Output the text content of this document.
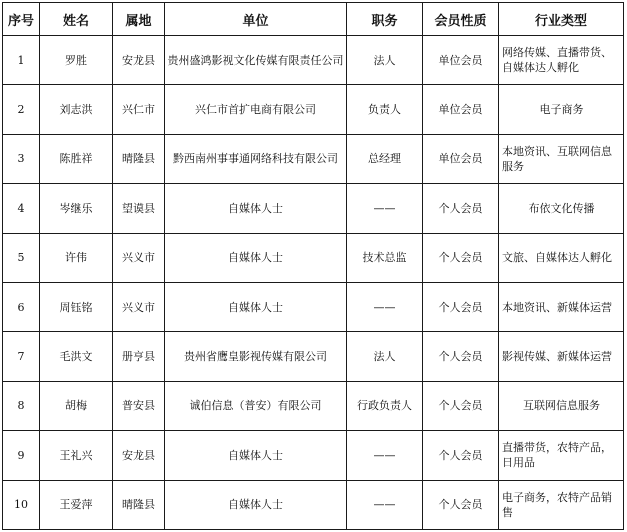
序号	姓名	属地	单位	职务	会员性质	行业类型
1	罗胜	安龙县	贵州盛鸿影视文化传媒有限责任公司	法人	单位会员	网络传媒、直播带货、自媒体达人孵化
2	刘志洪	兴仁市	兴仁市首扩电商有限公司	负责人	单位会员	电子商务
3	陈胜祥	晴隆县	黔西南州事事通网络科技有限公司	总经理	单位会员	本地资讯、互联网信息服务
4	岑继乐	望谟县	自媒体人士	——	个人会员	布依文化传播
5	许伟	兴义市	自媒体人士	技术总监	个人会员	文旅、自媒体达人孵化
6	周钰铭	兴义市	自媒体人士	——	个人会员	本地资讯、新媒体运营
7	毛洪文	册亨县	贵州省鹰皇影视传媒有限公司	法人	个人会员	影视传媒、新媒体运营
8	胡梅	普安县	诚伯信息（普安）有限公司	行政负责人	个人会员	互联网信息服务
9	王礼兴	安龙县	自媒体人士	——	个人会员	直播带货，农特产品，日用品
10	王爱萍	晴隆县	自媒体人士	——	个人会员	电子商务，农特产品销售
